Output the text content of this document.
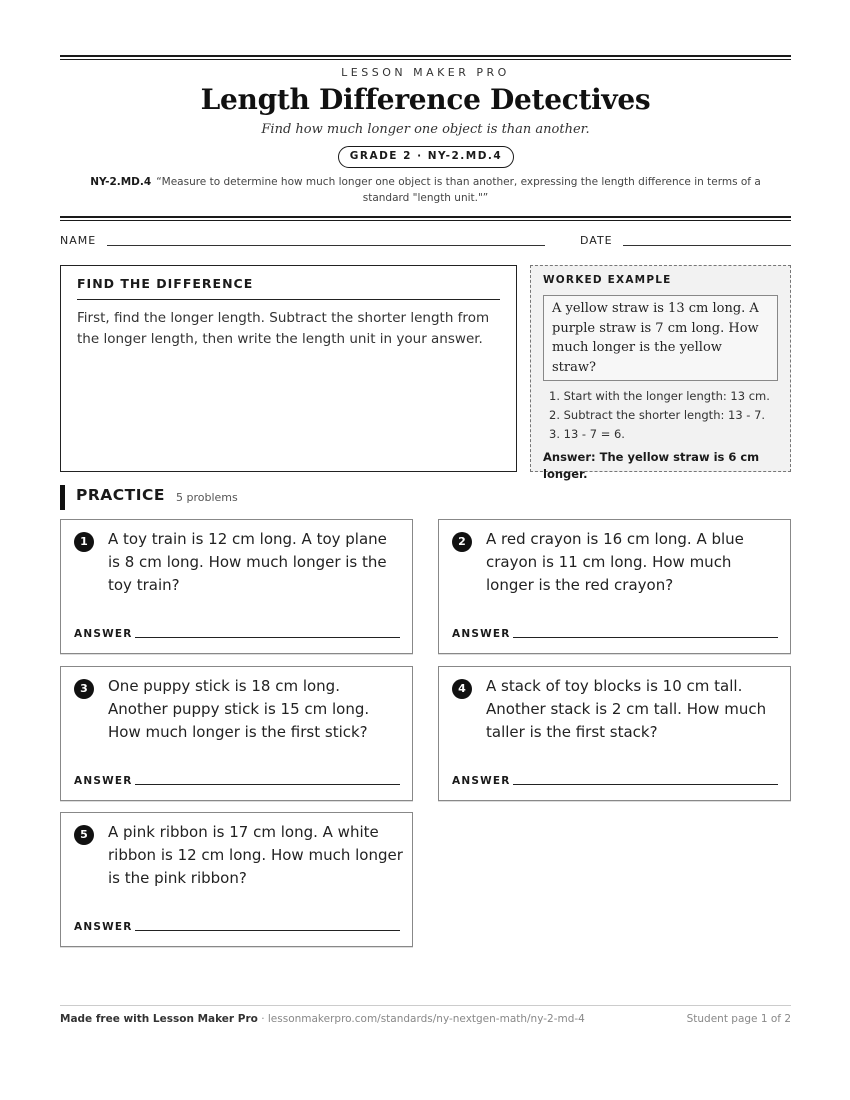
LESSON MAKER PRO
Length Difference Detectives
Find how much longer one object is than another.
GRADE 2 · NY-2.MD.4
NY-2.MD.4 “Measure to determine how much longer one object is than another, expressing the length difference in terms of a standard "length unit."”
NAME	DATE
FIND THE DIFFERENCE
First, find the longer length. Subtract the shorter length from the longer length, then write the length unit in your answer.
WORKED EXAMPLE
A yellow straw is 13 cm long. A purple straw is 7 cm long. How much longer is the yellow straw?
1. Start with the longer length: 13 cm.
2. Subtract the shorter length: 13 - 7.
3. 13 - 7 = 6.
Answer: The yellow straw is 6 cm longer.
PRACTICE 5 problems
1	A toy train is 12 cm long. A toy plane is 8 cm long. How much longer is the toy train?
ANSWER
2	A red crayon is 16 cm long. A blue crayon is 11 cm long. How much longer is the red crayon?
ANSWER
3	One puppy stick is 18 cm long. Another puppy stick is 15 cm long. How much longer is the first stick?
ANSWER
4	A stack of toy blocks is 10 cm tall. Another stack is 2 cm tall. How much taller is the first stack?
ANSWER
5	A pink ribbon is 17 cm long. A white ribbon is 12 cm long. How much longer is the pink ribbon?
ANSWER
Made free with Lesson Maker Pro · lessonmakerpro.com/standards/ny-nextgen-math/ny-2-md-4	Student page 1 of 2
